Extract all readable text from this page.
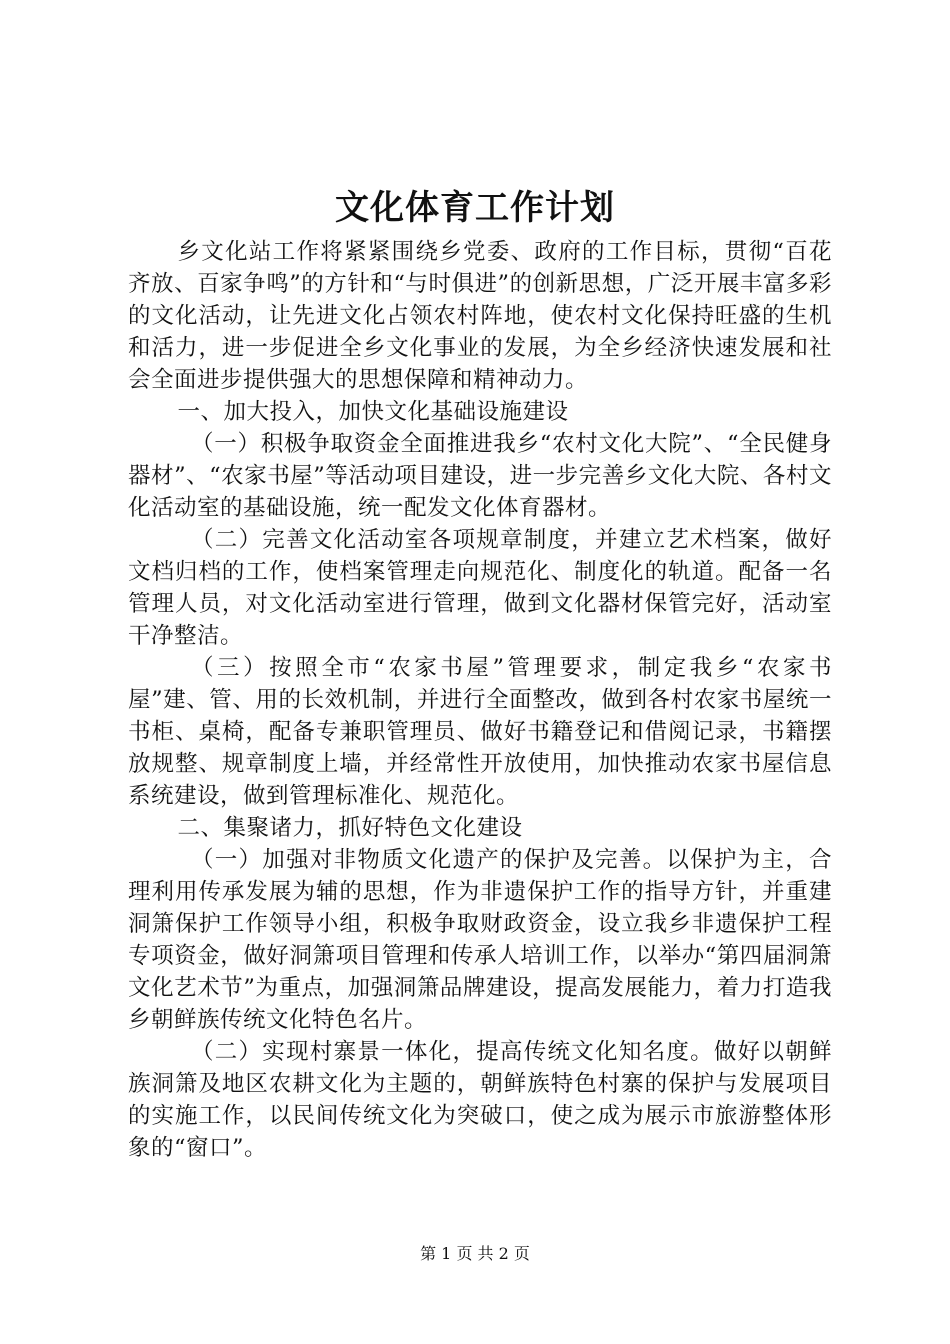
文化体育工作计划

乡文化站工作将紧紧围绕乡党委、政府的工作目标，贯彻“百花齐放、百家争鸣”的方针和“与时俱进”的创新思想，广泛开展丰富多彩的文化活动，让先进文化占领农村阵地，使农村文化保持旺盛的生机和活力，进一步促进全乡文化事业的发展，为全乡经济快速发展和社会全面进步提供强大的思想保障和精神动力。

一、加大投入，加快文化基础设施建设

（一）积极争取资金全面推进我乡“农村文化大院”、“全民健身器材”、“农家书屋”等活动项目建设，进一步完善乡文化大院、各村文化活动室的基础设施，统一配发文化体育器材。

（二）完善文化活动室各项规章制度，并建立艺术档案，做好文档归档的工作，使档案管理走向规范化、制度化的轨道。配备一名管理人员，对文化活动室进行管理，做到文化器材保管完好，活动室干净整洁。

（三）按照全市“农家书屋”管理要求，制定我乡“农家书屋”建、管、用的长效机制，并进行全面整改，做到各村农家书屋统一书柜、桌椅，配备专兼职管理员、做好书籍登记和借阅记录，书籍摆放规整、规章制度上墙，并经常性开放使用，加快推动农家书屋信息系统建设，做到管理标准化、规范化。

二、集聚诸力，抓好特色文化建设

（一）加强对非物质文化遗产的保护及完善。以保护为主，合理利用传承发展为辅的思想，作为非遗保护工作的指导方针，并重建洞箫保护工作领导小组，积极争取财政资金，设立我乡非遗保护工程专项资金，做好洞箫项目管理和传承人培训工作，以举办“第四届洞箫文化艺术节”为重点，加强洞箫品牌建设，提高发展能力，着力打造我乡朝鲜族传统文化特色名片。

（二）实现村寨景一体化，提高传统文化知名度。做好以朝鲜族洞箫及地区农耕文化为主题的，朝鲜族特色村寨的保护与发展项目的实施工作，以民间传统文化为突破口，使之成为展示市旅游整体形象的“窗口”。

第 1 页 共 2 页
